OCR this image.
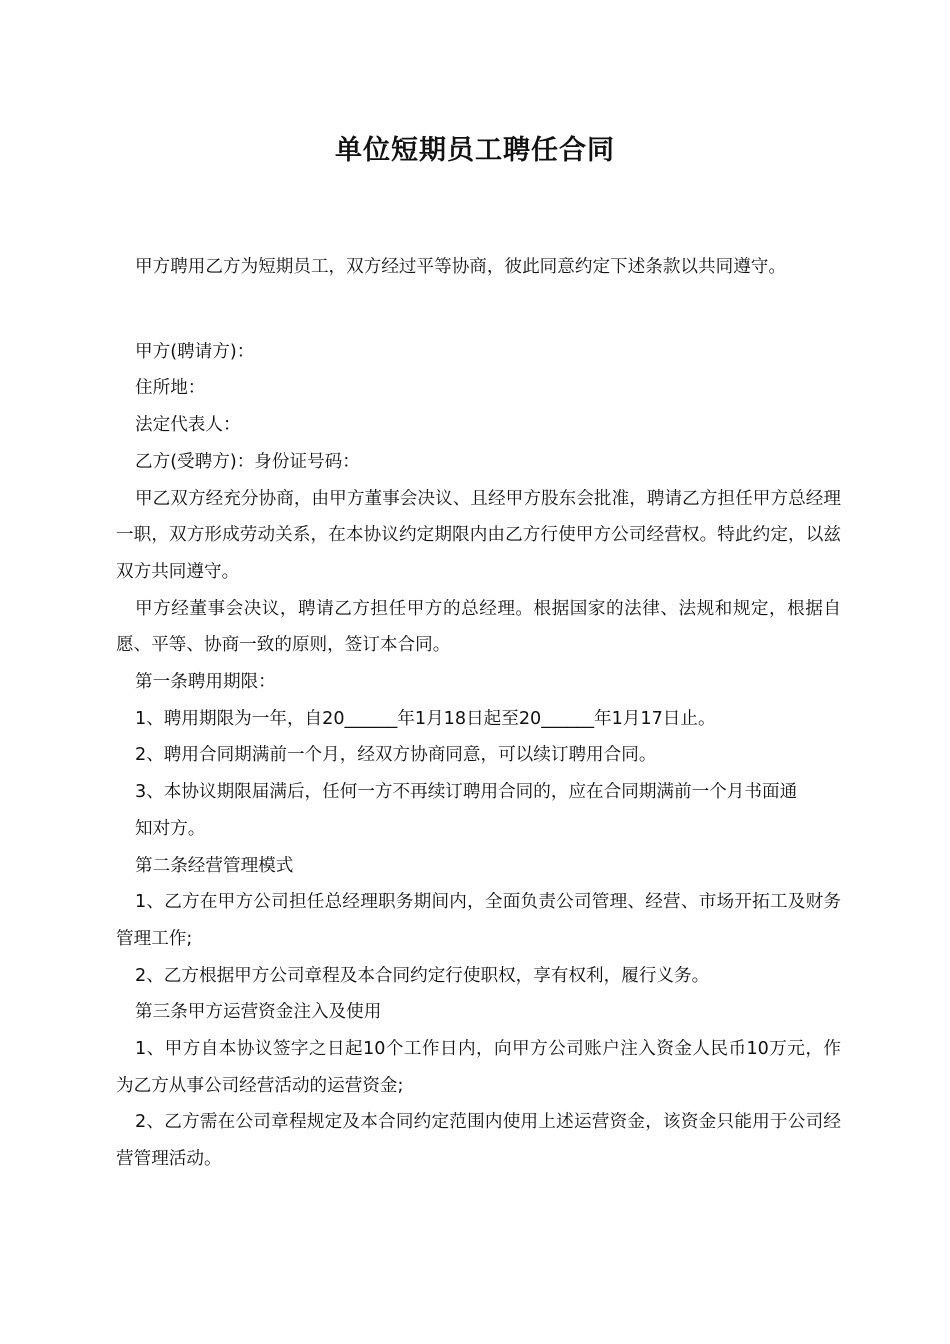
单位短期员工聘任合同

甲方聘用乙方为短期员工，双方经过平等协商，彼此同意约定下述条款以共同遵守。

甲方(聘请方)：

住所地：

法定代表人：

乙方(受聘方)：身份证号码：

甲乙双方经充分协商，由甲方董事会决议、且经甲方股东会批准，聘请乙方担任甲方总经理一职，双方形成劳动关系，在本协议约定期限内由乙方行使甲方公司经营权。特此约定，以兹双方共同遵守。

甲方经董事会决议，聘请乙方担任甲方的总经理。根据国家的法律、法规和规定，根据自愿、平等、协商一致的原则，签订本合同。

第一条聘用期限：

1、聘用期限为一年，自20______年1月18日起至20______年1月17日止。

2、聘用合同期满前一个月，经双方协商同意，可以续订聘用合同。

3、本协议期限届满后，任何一方不再续订聘用合同的，应在合同期满前一个月书面通

知对方。

第二条经营管理模式

1、乙方在甲方公司担任总经理职务期间内，全面负责公司管理、经营、市场开拓工及财务管理工作;

2、乙方根据甲方公司章程及本合同约定行使职权，享有权利，履行义务。

第三条甲方运营资金注入及使用

1、甲方自本协议签字之日起10个工作日内，向甲方公司账户注入资金人民币10万元，作为乙方从事公司经营活动的运营资金;

2、乙方需在公司章程规定及本合同约定范围内使用上述运营资金，该资金只能用于公司经营管理活动。
